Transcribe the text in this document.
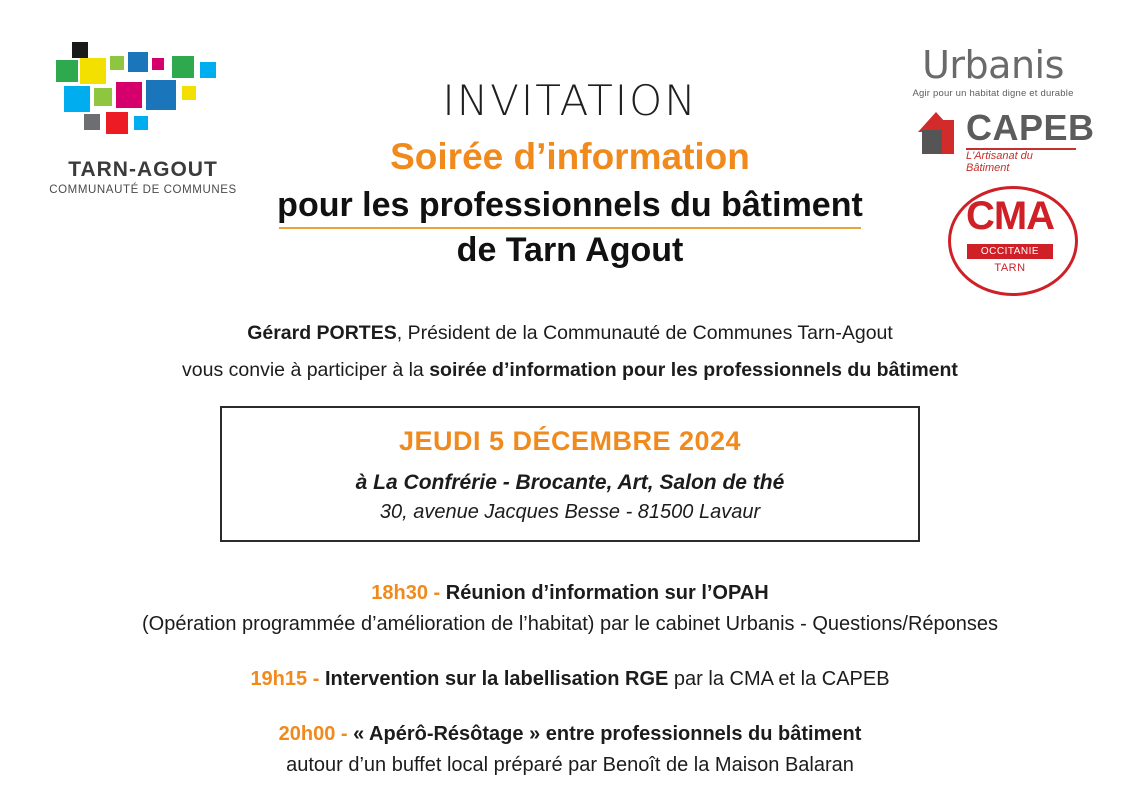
TARN-AGOUT
COMMUNAUTÉ DE COMMUNES
Urbanis
Agir pour un habitat digne et durable
CAPEB
L'Artisanat du Bâtiment
CMA
OCCITANIE
TARN
INVITATION
Soirée d’information
pour les professionnels du bâtiment
de Tarn Agout
Gérard PORTES, Président de la Communauté de Communes Tarn-Agout
vous convie à participer à la soirée d’information pour les professionnels du bâtiment
JEUDI 5 DÉCEMBRE 2024
à La Confrérie - Brocante, Art, Salon de thé
30, avenue Jacques Besse - 81500 Lavaur
18h30 - Réunion d’information sur l’OPAH
(Opération programmée d’amélioration de l’habitat) par le cabinet Urbanis - Questions/Réponses
19h15 - Intervention sur la labellisation RGE par la CMA et la CAPEB
20h00 - « Apérô-Résôtage » entre professionnels du bâtiment
autour d’un buffet local préparé par Benoît de la Maison Balaran
